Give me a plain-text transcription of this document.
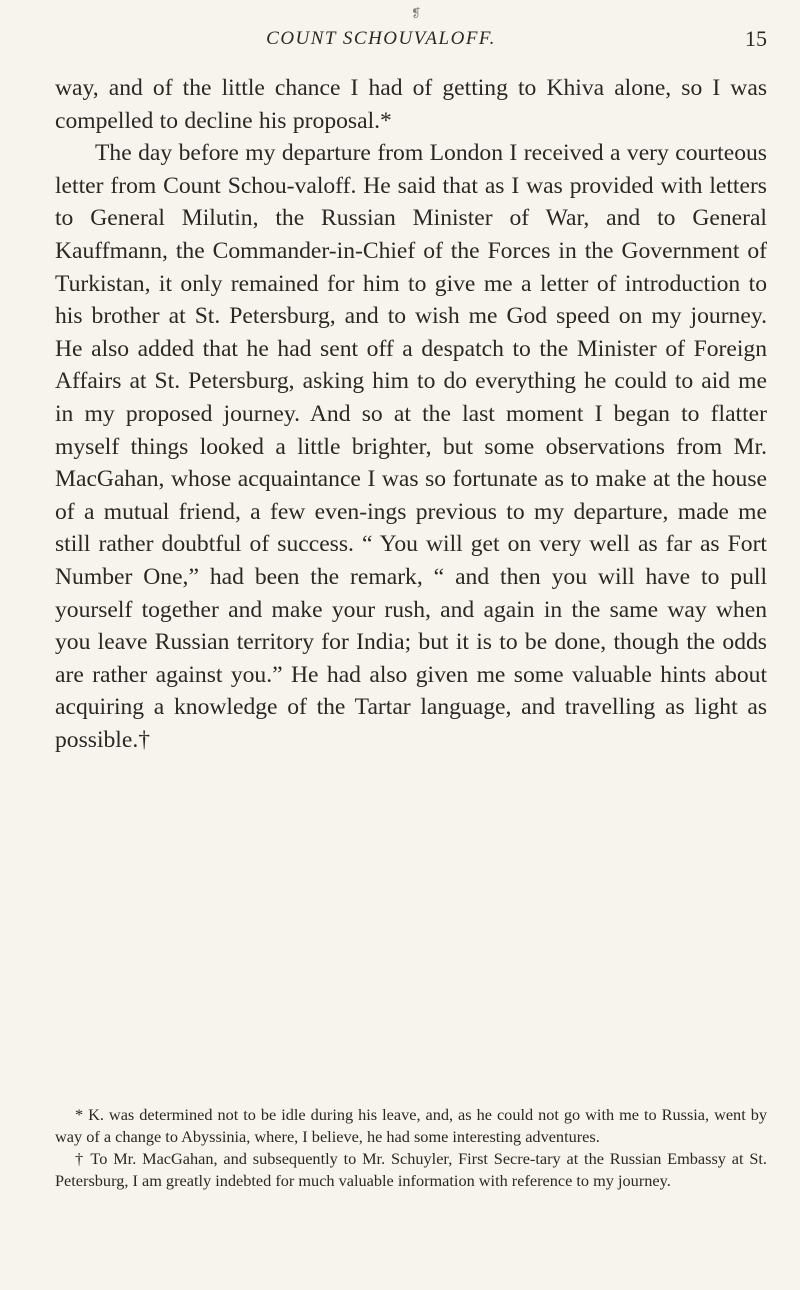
❡
COUNT SCHOUVALOFF.	15

way, and of the little chance I had of getting to Khiva alone, so I was compelled to decline his proposal.*

The day before my departure from London I received a very courteous letter from Count Schou-valoff. He said that as I was provided with letters to General Milutin, the Russian Minister of War, and to General Kauffmann, the Commander-in-Chief of the Forces in the Government of Turkistan, it only remained for him to give me a letter of introduction to his brother at St. Petersburg, and to wish me God speed on my journey. He also added that he had sent off a despatch to the Minister of Foreign Affairs at St. Petersburg, asking him to do everything he could to aid me in my proposed journey. And so at the last moment I began to flatter myself things looked a little brighter, but some observations from Mr. MacGahan, whose acquaintance I was so fortunate as to make at the house of a mutual friend, a few even-ings previous to my departure, made me still rather doubtful of success. “ You will get on very well as far as Fort Number One,” had been the remark, “ and then you will have to pull yourself together and make your rush, and again in the same way when you leave Russian territory for India; but it is to be done, though the odds are rather against you.” He had also given me some valuable hints about acquiring a knowledge of the Tartar language, and travelling as light as possible.†

* K. was determined not to be idle during his leave, and, as he could not go with me to Russia, went by way of a change to Abyssinia, where, I believe, he had some interesting adventures.

† To Mr. MacGahan, and subsequently to Mr. Schuyler, First Secre-tary at the Russian Embassy at St. Petersburg, I am greatly indebted for much valuable information with reference to my journey.
